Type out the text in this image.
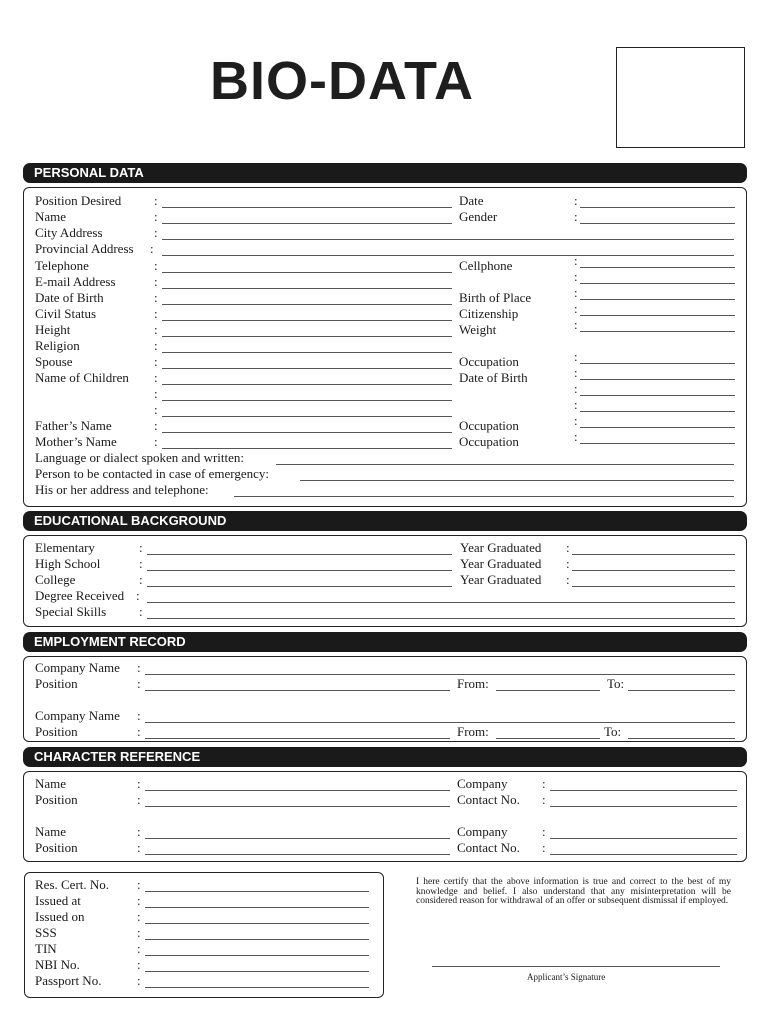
BIO-DATA
PERSONAL DATA
Position Desired
Name
City Address
Provincial Address
Telephone
E-mail Address
Date of Birth
Civil Status
Height
Religion
Spouse
Name of Children
Father’s Name
Mother’s Name
:
:
:
:
:
:
:
:
:
:
:
:
:
:
:
:
Date
Gender
Cellphone
Birth of Place
Citizenship
Weight
Occupation
Date of Birth
Occupation
Occupation
:
:
:
:
:
:
:
:
:
:
:
:
:
Language or dialect spoken and written:
Person to be contacted in case of emergency:
His or her address and telephone:
EDUCATIONAL BACKGROUND
Elementary
High School
College
Degree Received
Special Skills
:
:
:
:
:
Year Graduated
Year Graduated
Year Graduated
:
:
:
EMPLOYMENT RECORD
Company Name
Position
Company Name
Position
:
:
:
:
From:	To:
From:	To:
CHARACTER REFERENCE
Name
Position
Name
Position
:
:
:
:
Company
Contact No.
Company
Contact No.
:
:
:
:
Res. Cert. No.
Issued at
Issued on
SSS
TIN
NBI No.
Passport No.
:
:
:
:
:
:
:
I here certify that the above information is true and correct to the best of my knowledge and belief. I also understand that any misinterpretation will be considered reason for withdrawal of an offer or subsequent dismissal if employed.
Applicant’s Signature
